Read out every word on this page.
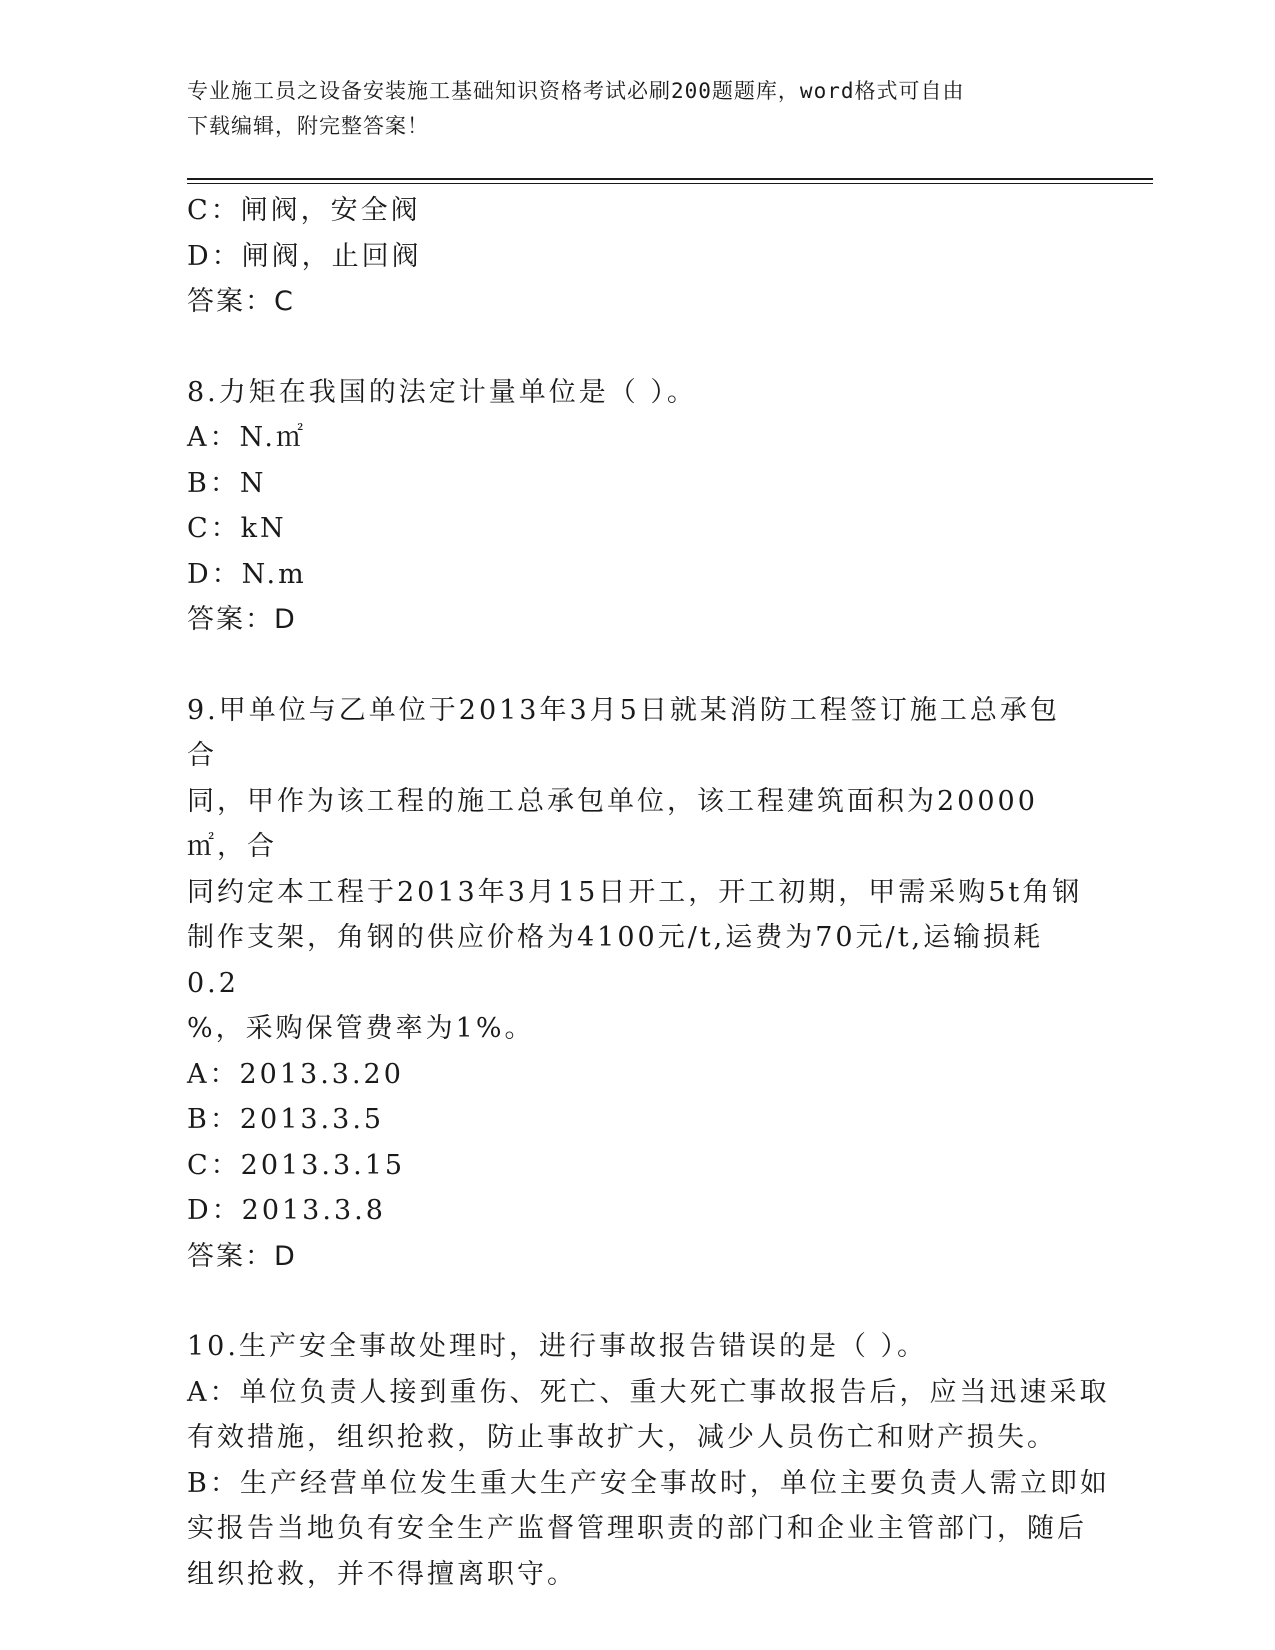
专业施工员之设备安装施工基础知识资格考试必刷200题题库，word格式可自由
下载编辑，附完整答案！

C：闸阀，安全阀

D：闸阀，止回阀

答案：C

8.力矩在我国的法定计量单位是（ ）。

A：N.㎡

B：N

C：kN

D：N.m

答案：D

9.甲单位与乙单位于2013年3月5日就某消防工程签订施工总承包合

同，甲作为该工程的施工总承包单位，该工程建筑面积为20000㎡，合

同约定本工程于2013年3月15日开工，开工初期，甲需采购5t角钢

制作支架，角钢的供应价格为4100元/t,运费为70元/t,运输损耗0.2

%，采购保管费率为1%。

A：2013.3.20

B：2013.3.5

C：2013.3.15

D：2013.3.8

答案：D

10.生产安全事故处理时，进行事故报告错误的是（ ）。

A：单位负责人接到重伤、死亡、重大死亡事故报告后，应当迅速采取

有效措施，组织抢救，防止事故扩大，减少人员伤亡和财产损失。

B：生产经营单位发生重大生产安全事故时，单位主要负责人需立即如

实报告当地负有安全生产监督管理职责的部门和企业主管部门，随后

组织抢救，并不得擅离职守。
